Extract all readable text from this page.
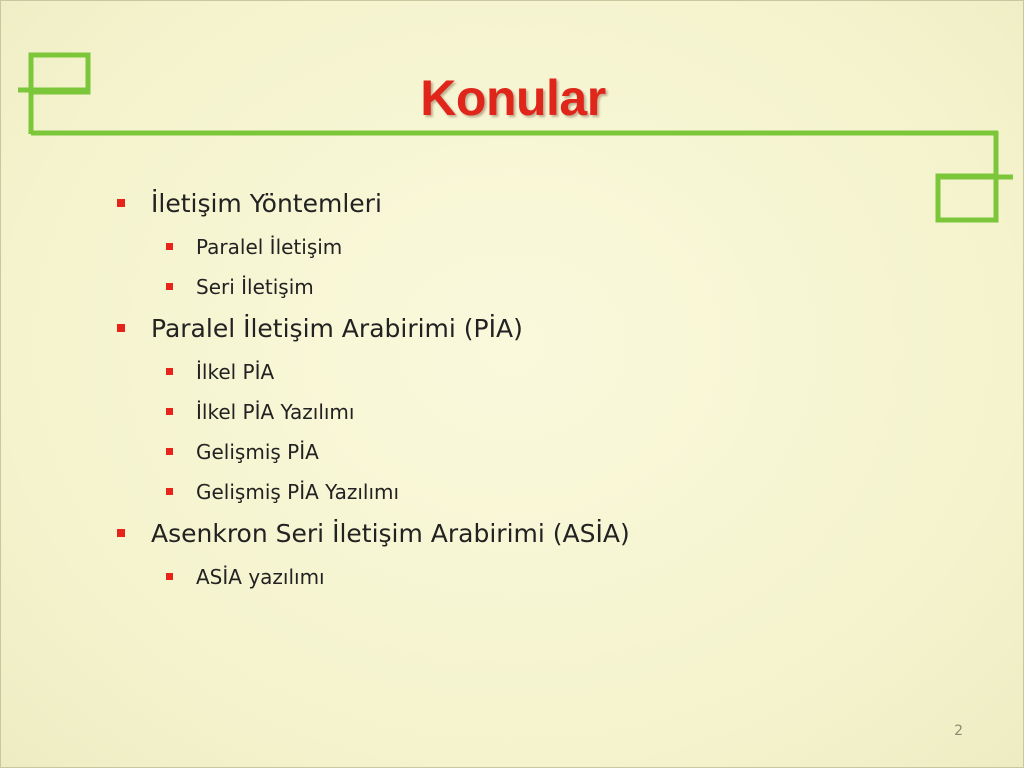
Konular
İletişim Yöntemleri
Paralel İletişim
Seri İletişim
Paralel İletişim Arabirimi (PİA)
İlkel PİA
İlkel PİA Yazılımı
Gelişmiş PİA
Gelişmiş PİA Yazılımı
Asenkron Seri İletişim Arabirimi (ASİA)
ASİA yazılımı
2
